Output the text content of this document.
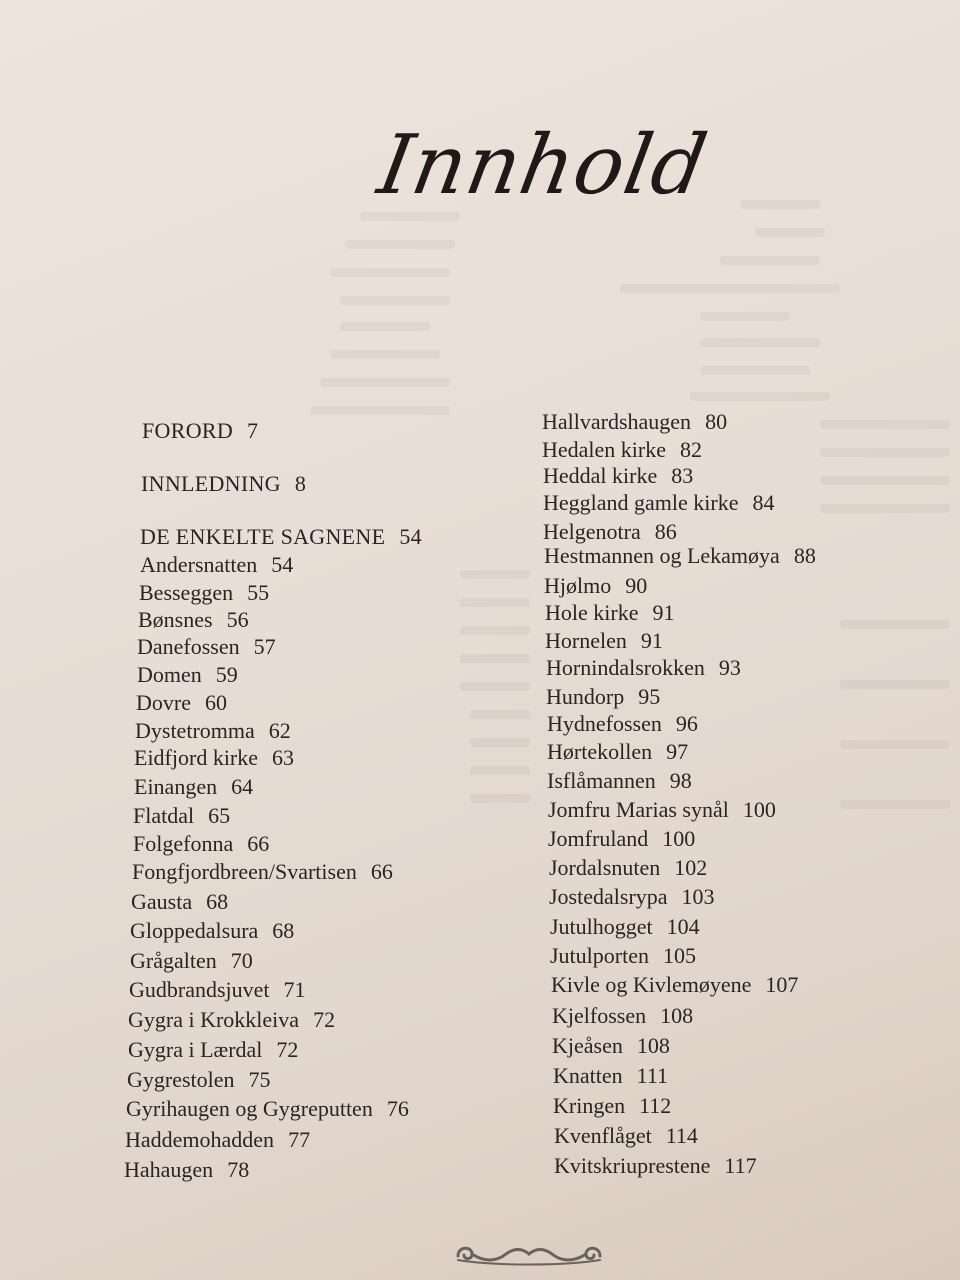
Innhold
FORORD 7
INNLEDNING 8
DE ENKELTE SAGNENE 54
Andersnatten 54
Besseggen 55
Bønsnes 56
Danefossen 57
Domen 59
Dovre 60
Dystetromma 62
Eidfjord kirke 63
Einangen 64
Flatdal 65
Folgefonna 66
Fongfjordbreen/Svartisen 66
Gausta 68
Gloppedalsura 68
Grågalten 70
Gudbrandsjuvet 71
Gygra i Krokkleiva 72
Gygra i Lærdal 72
Gygrestolen 75
Gyrihaugen og Gygreputten 76
Haddemohadden 77
Hahaugen 78
Hallvardshaugen 80
Hedalen kirke 82
Heddal kirke 83
Heggland gamle kirke 84
Helgenotra 86
Hestmannen og Lekamøya 88
Hjølmo 90
Hole kirke 91
Hornelen 91
Hornindalsrokken 93
Hundorp 95
Hydnefossen 96
Hørtekollen 97
Isflåmannen 98
Jomfru Marias synål 100
Jomfruland 100
Jordalsnuten 102
Jostedalsrypa 103
Jutulhogget 104
Jutulporten 105
Kivle og Kivlemøyene 107
Kjelfossen 108
Kjeåsen 108
Knatten 111
Kringen 112
Kvenflåget 114
Kvitskriuprestene 117
